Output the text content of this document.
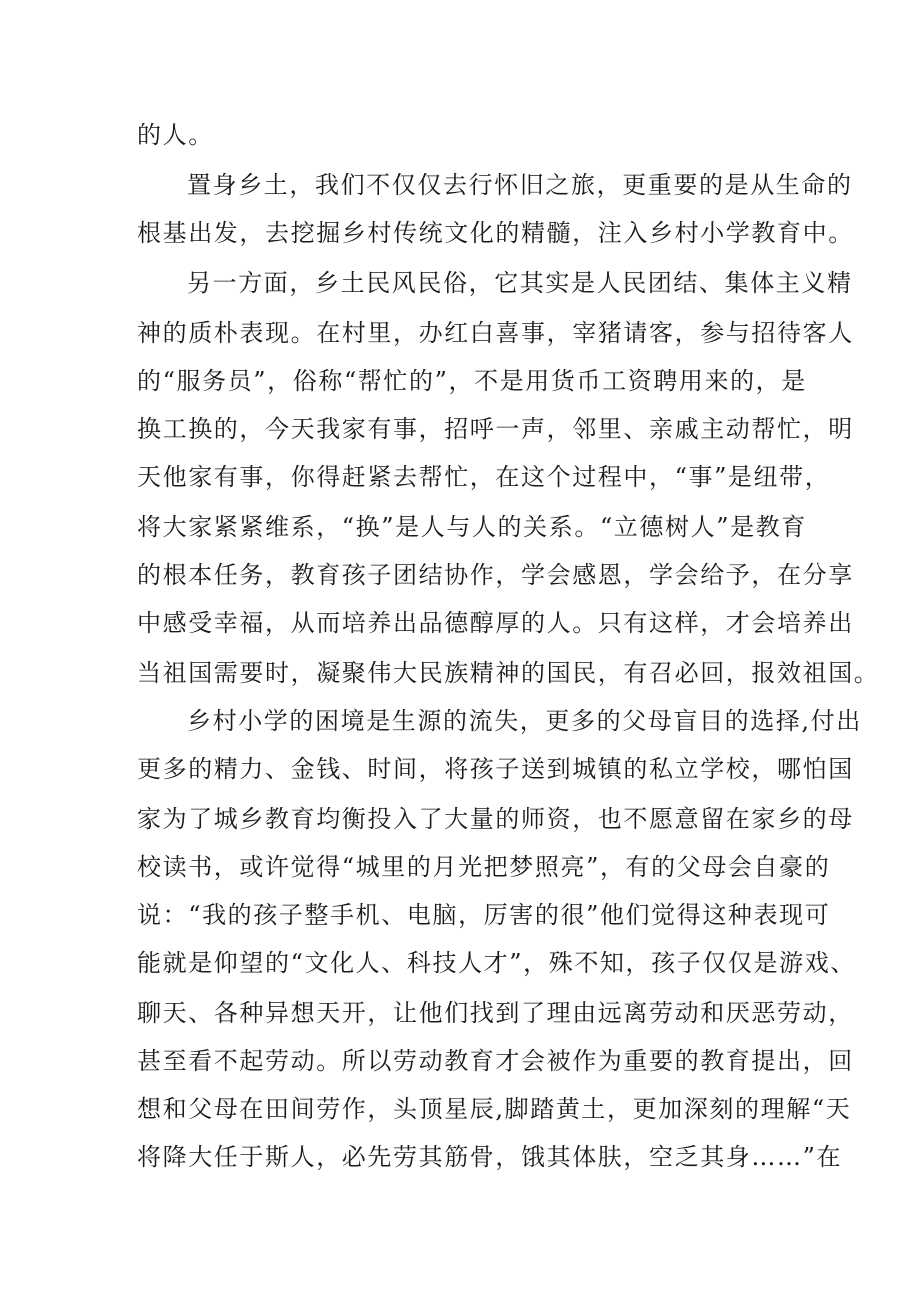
的人。
置身乡土，我们不仅仅去行怀旧之旅，更重要的是从生命的
根基出发，去挖掘乡村传统文化的精髓，注入乡村小学教育中。
另一方面，乡土民风民俗，它其实是人民团结、集体主义精
神的质朴表现。在村里，办红白喜事，宰猪请客，参与招待客人
的“服务员”，俗称“帮忙的”，不是用货币工资聘用来的，是
换工换的，今天我家有事，招呼一声，邻里、亲戚主动帮忙，明
天他家有事，你得赶紧去帮忙，在这个过程中，“事”是纽带，
将大家紧紧维系，“换”是人与人的关系。“立德树人”是教育
的根本任务，教育孩子团结协作，学会感恩，学会给予，在分享
中感受幸福，从而培养出品德醇厚的人。只有这样，才会培养出
当祖国需要时，凝聚伟大民族精神的国民，有召必回，报效祖国。
乡村小学的困境是生源的流失，更多的父母盲目的选择,付出
更多的精力、金钱、时间，将孩子送到城镇的私立学校，哪怕国
家为了城乡教育均衡投入了大量的师资，也不愿意留在家乡的母
校读书，或许觉得“城里的月光把梦照亮”，有的父母会自豪的
说：“我的孩子整手机、电脑，厉害的很”他们觉得这种表现可
能就是仰望的“文化人、科技人才”，殊不知，孩子仅仅是游戏、
聊天、各种异想天开，让他们找到了理由远离劳动和厌恶劳动，
甚至看不起劳动。所以劳动教育才会被作为重要的教育提出，回
想和父母在田间劳作，头顶星辰,脚踏黄土，更加深刻的理解“天
将降大任于斯人，必先劳其筋骨，饿其体肤，空乏其身……”在
